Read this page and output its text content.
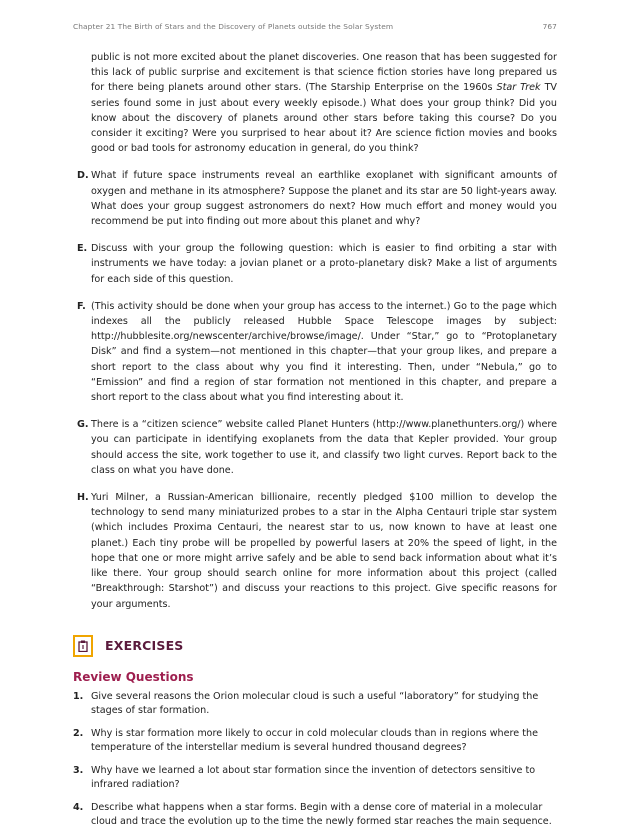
Chapter 21 The Birth of Stars and the Discovery of Planets outside the Solar System	767

public is not more excited about the planet discoveries. One reason that has been suggested for this lack of public surprise and excitement is that science fiction stories have long prepared us for there being planets around other stars. (The Starship Enterprise on the 1960s Star Trek TV series found some in just about every weekly episode.) What does your group think? Did you know about the discovery of planets around other stars before taking this course? Do you consider it exciting? Were you surprised to hear about it? Are science fiction movies and books good or bad tools for astronomy education in general, do you think?

D. What if future space instruments reveal an earthlike exoplanet with significant amounts of oxygen and methane in its atmosphere? Suppose the planet and its star are 50 light-years away. What does your group suggest astronomers do next? How much effort and money would you recommend be put into finding out more about this planet and why?

E. Discuss with your group the following question: which is easier to find orbiting a star with instruments we have today: a jovian planet or a proto-planetary disk? Make a list of arguments for each side of this question.

F. (This activity should be done when your group has access to the internet.) Go to the page which indexes all the publicly released Hubble Space Telescope images by subject: http://hubblesite.org/newscenter/archive/browse/image/. Under “Star,” go to “Protoplanetary Disk” and find a system—not mentioned in this chapter—that your group likes, and prepare a short report to the class about why you find it interesting. Then, under “Nebula,” go to “Emission” and find a region of star formation not mentioned in this chapter, and prepare a short report to the class about what you find interesting about it.

G. There is a “citizen science” website called Planet Hunters (http://www.planethunters.org/) where you can participate in identifying exoplanets from the data that Kepler provided. Your group should access the site, work together to use it, and classify two light curves. Report back to the class on what you have done.

H. Yuri Milner, a Russian-American billionaire, recently pledged $100 million to develop the technology to send many miniaturized probes to a star in the Alpha Centauri triple star system (which includes Proxima Centauri, the nearest star to us, now known to have at least one planet.) Each tiny probe will be propelled by powerful lasers at 20% the speed of light, in the hope that one or more might arrive safely and be able to send back information about what it’s like there. Your group should search online for more information about this project (called “Breakthrough: Starshot”) and discuss your reactions to this project. Give specific reasons for your arguments.

EXERCISES
Review Questions
1. Give several reasons the Orion molecular cloud is such a useful “laboratory” for studying the stages of star formation.

2. Why is star formation more likely to occur in cold molecular clouds than in regions where the temperature of the interstellar medium is several hundred thousand degrees?

3. Why have we learned a lot about star formation since the invention of detectors sensitive to infrared radiation?

4. Describe what happens when a star forms. Begin with a dense core of material in a molecular cloud and trace the evolution up to the time the newly formed star reaches the main sequence.
